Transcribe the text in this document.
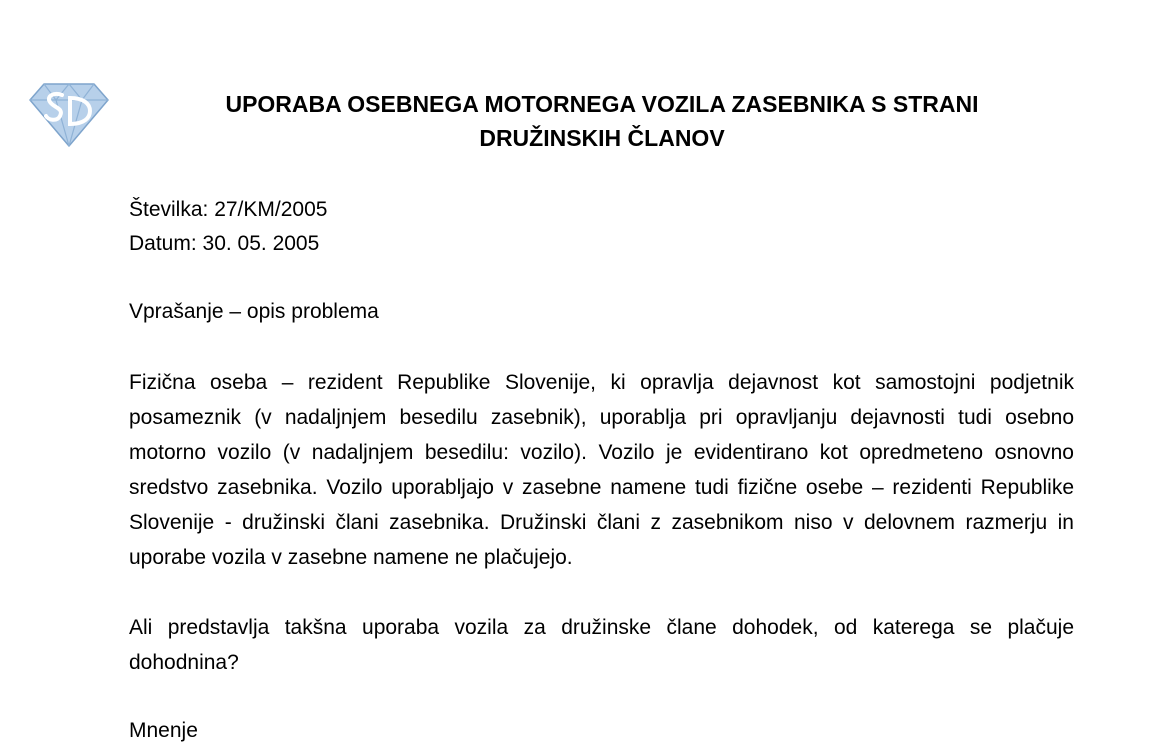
UPORABA OSEBNEGA MOTORNEGA VOZILA ZASEBNIKA S STRANI
DRUŽINSKIH ČLANOV
Številka: 27/KM/2005
Datum: 30. 05. 2005
Vprašanje – opis problema

Fizična oseba – rezident Republike Slovenije, ki opravlja dejavnost kot samostojni podjetnik posameznik (v nadaljnjem besedilu zasebnik), uporablja pri opravljanju dejavnosti tudi osebno motorno vozilo (v nadaljnjem besedilu: vozilo). Vozilo je evidentirano kot opredmeteno osnovno sredstvo zasebnika. Vozilo uporabljajo v zasebne namene tudi fizične osebe – rezidenti Republike Slovenije - družinski člani zasebnika. Družinski člani z zasebnikom niso v delovnem razmerju in uporabe vozila v zasebne namene ne plačujejo.

Ali predstavlja takšna uporaba vozila za družinske člane dohodek, od katerega se plačuje dohodnina?

Mnenje
